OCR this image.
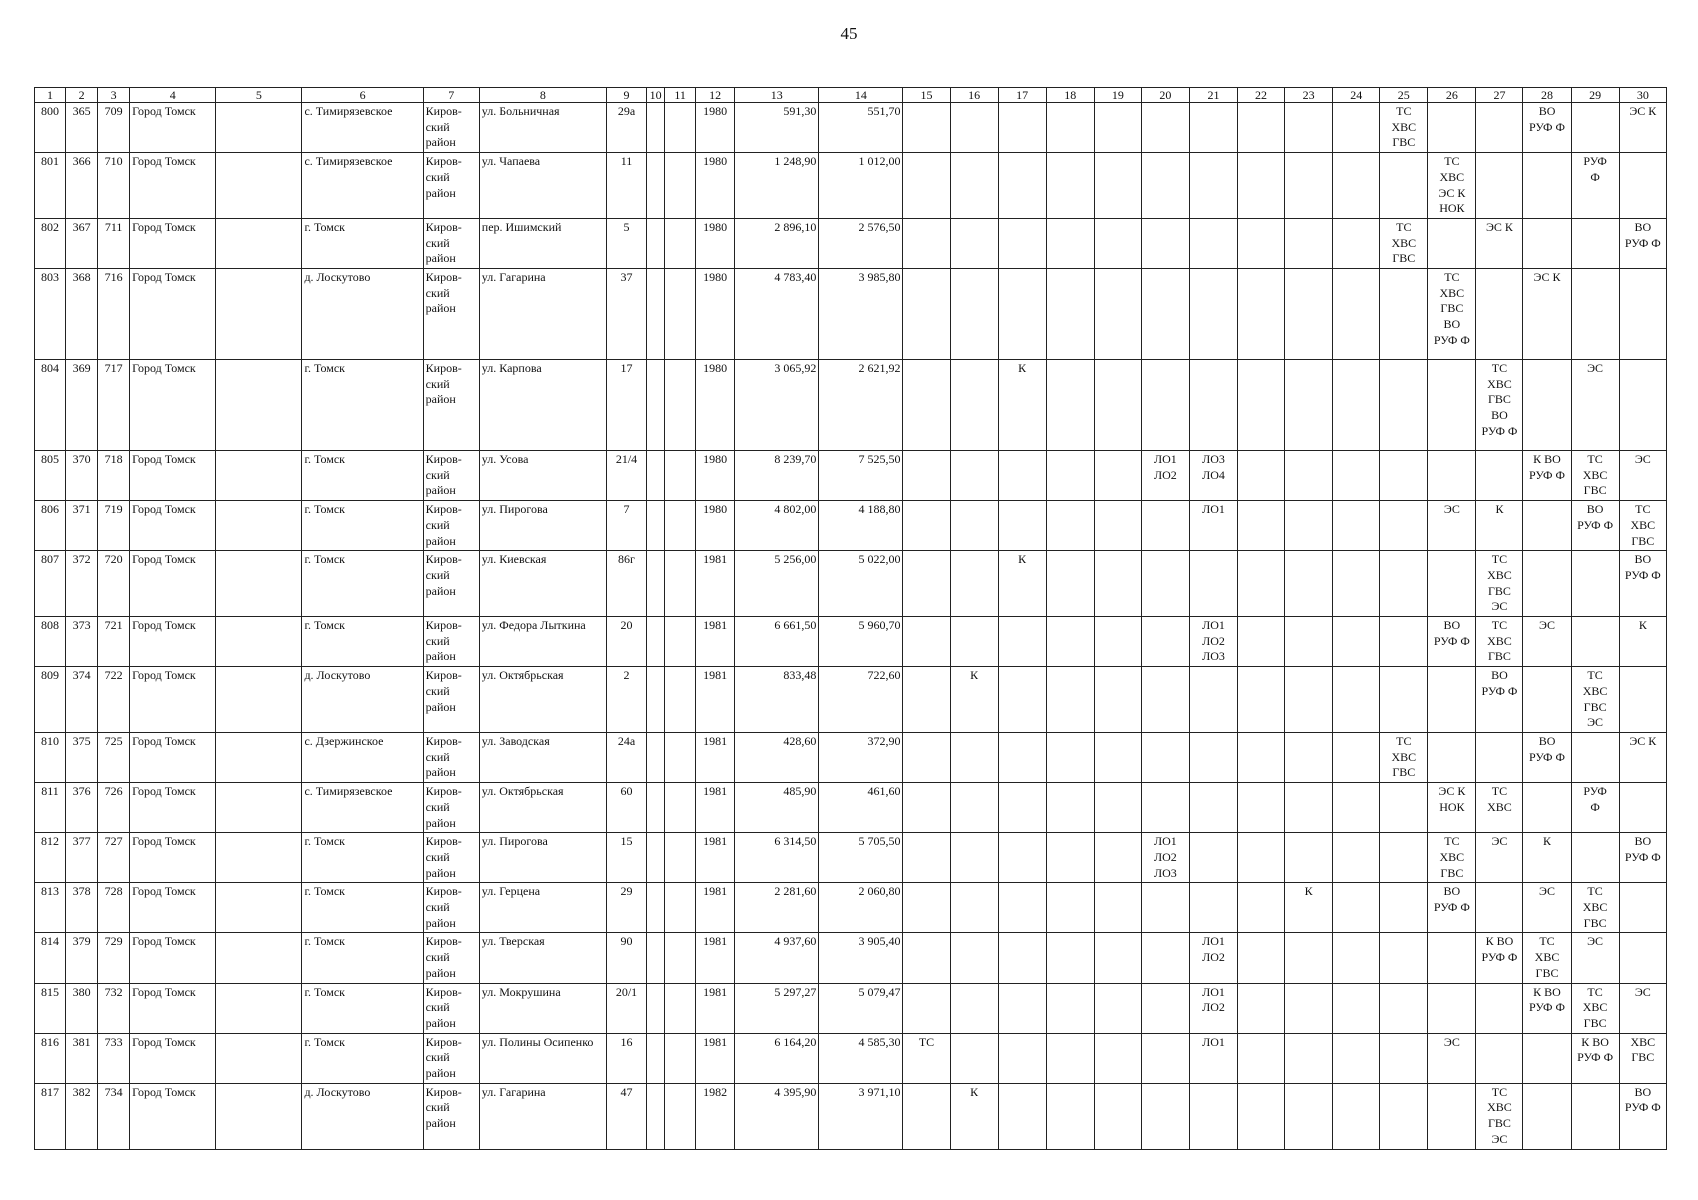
45
1	2	3	4	5	6	7	8	9	10	11	12	13	14	15	16	17	18	19	20	21	22	23	24	25	26	27	28	29	30
800	365	709	Город Томск		с. Тимирязевское	Киров-
ский
район	ул. Больничная	29а			1980	591,30	551,70											ТС
ХВС
ГВС			ВО
РУФ Ф		ЭС К

801	366	710	Город Томск		с. Тимирязевское	Киров-
ский
район	ул. Чапаева	11			1980	1 248,90	1 012,00												ТС
ХВС
ЭС К
НОК			РУФ
Ф	

802	367	711	Город Томск		г. Томск	Киров-
ский
район	пер. Ишимский	5			1980	2 896,10	2 576,50											ТС
ХВС
ГВС		ЭС К			ВО
РУФ Ф

803	368	716	Город Томск		д. Лоскутово	Киров-
ский
район	ул. Гагарина	37			1980	4 783,40	3 985,80												ТС
ХВС
ГВС
ВО
РУФ Ф		ЭС К		

804	369	717	Город Томск		г. Томск	Киров-
ский
район	ул. Карпова	17			1980	3 065,92	2 621,92			К										ТС
ХВС
ГВС
ВО
РУФ Ф		ЭС	

805	370	718	Город Томск		г. Томск	Киров-
ский
район	ул. Усова	21/4			1980	8 239,70	7 525,50						ЛО1
ЛО2	ЛО3
ЛО4							К ВО
РУФ Ф	ТС
ХВС
ГВС	ЭС

806	371	719	Город Томск		г. Томск	Киров-
ский
район	ул. Пирогова	7			1980	4 802,00	4 188,80							ЛО1					ЭС	К		ВО
РУФ Ф	ТС
ХВС
ГВС

807	372	720	Город Томск		г. Томск	Киров-
ский
район	ул. Киевская	86г			1981	5 256,00	5 022,00			К										ТС
ХВС
ГВС
ЭС			ВО
РУФ Ф

808	373	721	Город Томск		г. Томск	Киров-
ский
район	ул. Федора Лыткина	20			1981	6 661,50	5 960,70							ЛО1
ЛО2
ЛО3					ВО
РУФ Ф	ТС
ХВС
ГВС	ЭС		К

809	374	722	Город Томск		д. Лоскутово	Киров-
ский
район	ул. Октябрьская	2			1981	833,48	722,60		К											ВО
РУФ Ф		ТС
ХВС
ГВС
ЭС	

810	375	725	Город Томск		с. Дзержинское	Киров-
ский
район	ул. Заводская	24а			1981	428,60	372,90											ТС
ХВС
ГВС			ВО
РУФ Ф		ЭС К

811	376	726	Город Томск		с. Тимирязевское	Киров-
ский
район	ул. Октябрьская	60			1981	485,90	461,60												ЭС К
НОК	ТС
ХВС		РУФ
Ф	

812	377	727	Город Томск		г. Томск	Киров-
ский
район	ул. Пирогова	15			1981	6 314,50	5 705,50						ЛО1
ЛО2
ЛО3						ТС
ХВС
ГВС	ЭС	К		ВО
РУФ Ф

813	378	728	Город Томск		г. Томск	Киров-
ский
район	ул. Герцена	29			1981	2 281,60	2 060,80									К			ВО
РУФ Ф		ЭС	ТС
ХВС
ГВС	

814	379	729	Город Томск		г. Томск	Киров-
ский
район	ул. Тверская	90			1981	4 937,60	3 905,40							ЛО1
ЛО2						К ВО
РУФ Ф	ТС
ХВС
ГВС	ЭС	

815	380	732	Город Томск		г. Томск	Киров-
ский
район	ул. Мокрушина	20/1			1981	5 297,27	5 079,47							ЛО1
ЛО2							К ВО
РУФ Ф	ТС
ХВС
ГВС	ЭС

816	381	733	Город Томск		г. Томск	Киров-
ский
район	ул. Полины Осипенко	16			1981	6 164,20	4 585,30	ТС						ЛО1					ЭС			К ВО
РУФ Ф	ХВС
ГВС

817	382	734	Город Томск		д. Лоскутово	Киров-
ский
район	ул. Гагарина	47			1982	4 395,90	3 971,10		К											ТС
ХВС
ГВС
ЭС			ВО
РУФ Ф
